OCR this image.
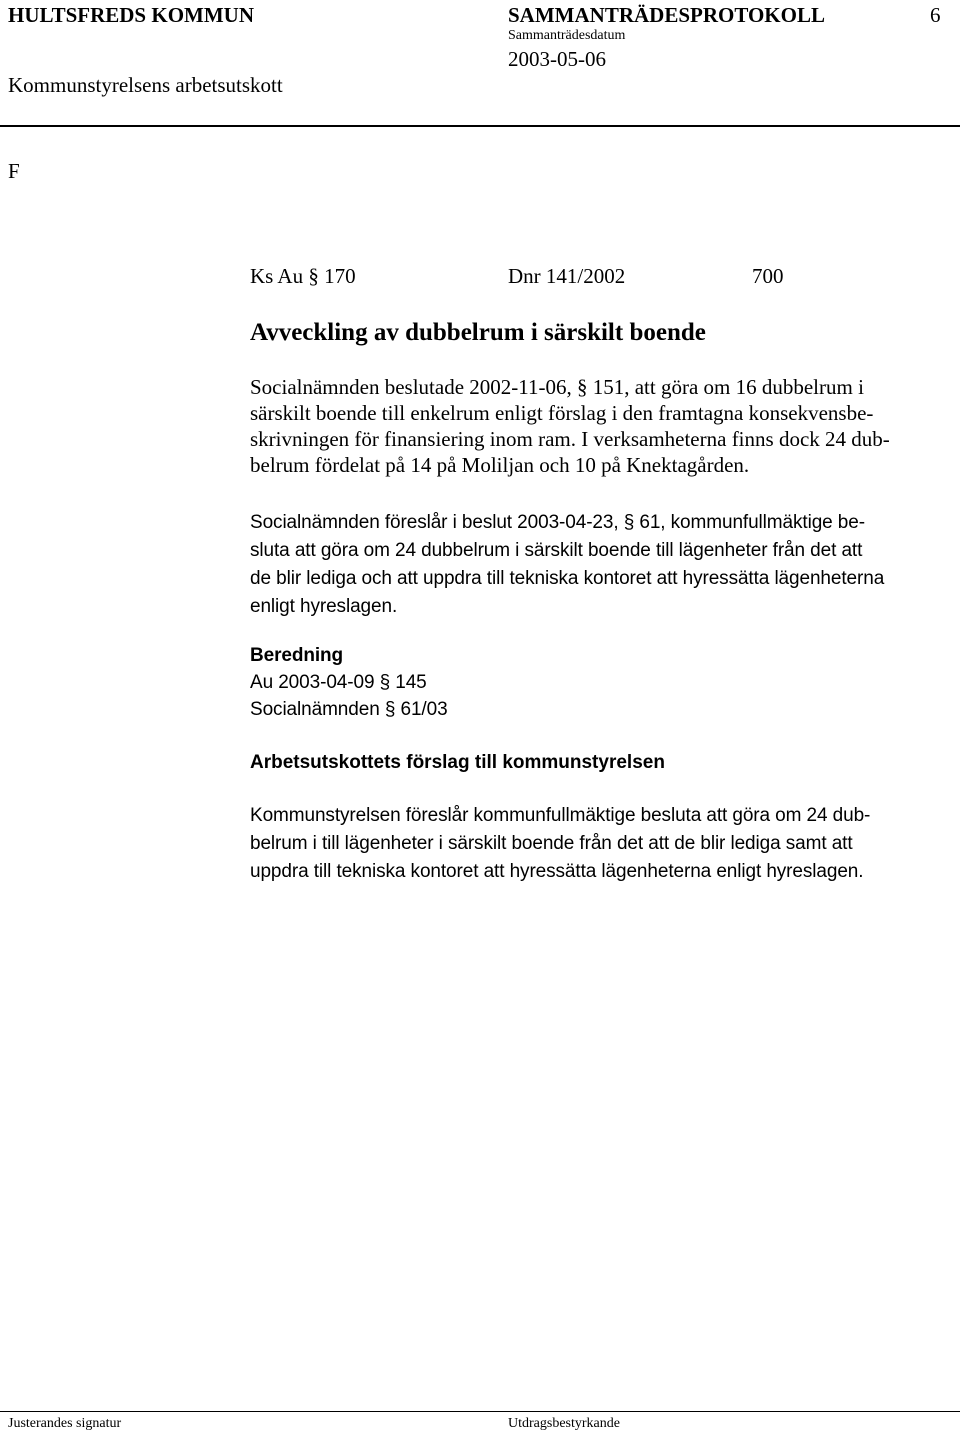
HULTSFREDS KOMMUN	SAMMANTRÄDESPROTOKOLL	6
Sammanträdesdatum
2003-05-06
Kommunstyrelsens arbetsutskott
F
Ks Au § 170	Dnr 141/2002	700
Avveckling av dubbelrum i särskilt boende
Socialnämnden beslutade 2002-11-06, § 151, att göra om 16 dubbelrum i
särskilt boende till enkelrum enligt förslag i den framtagna konsekvensbe-
skrivningen för finansiering inom ram. I verksamheterna finns dock 24 dub-
belrum fördelat på 14 på Moliljan och 10 på Knektagården.
Socialnämnden föreslår i beslut 2003-04-23, § 61, kommunfullmäktige be-
sluta att göra om 24 dubbelrum i särskilt boende till lägenheter från det att
de blir lediga och att uppdra till tekniska kontoret att hyressätta lägenheterna
enligt hyreslagen.
Beredning
Au 2003-04-09 § 145
Socialnämnden § 61/03
Arbetsutskottets förslag till kommunstyrelsen
Kommunstyrelsen föreslår kommunfullmäktige besluta att göra om 24 dub-
belrum i till lägenheter i särskilt boende från det att de blir lediga samt att
uppdra till tekniska kontoret att hyressätta lägenheterna enligt hyreslagen.
Justerandes signatur	Utdragsbestyrkande
